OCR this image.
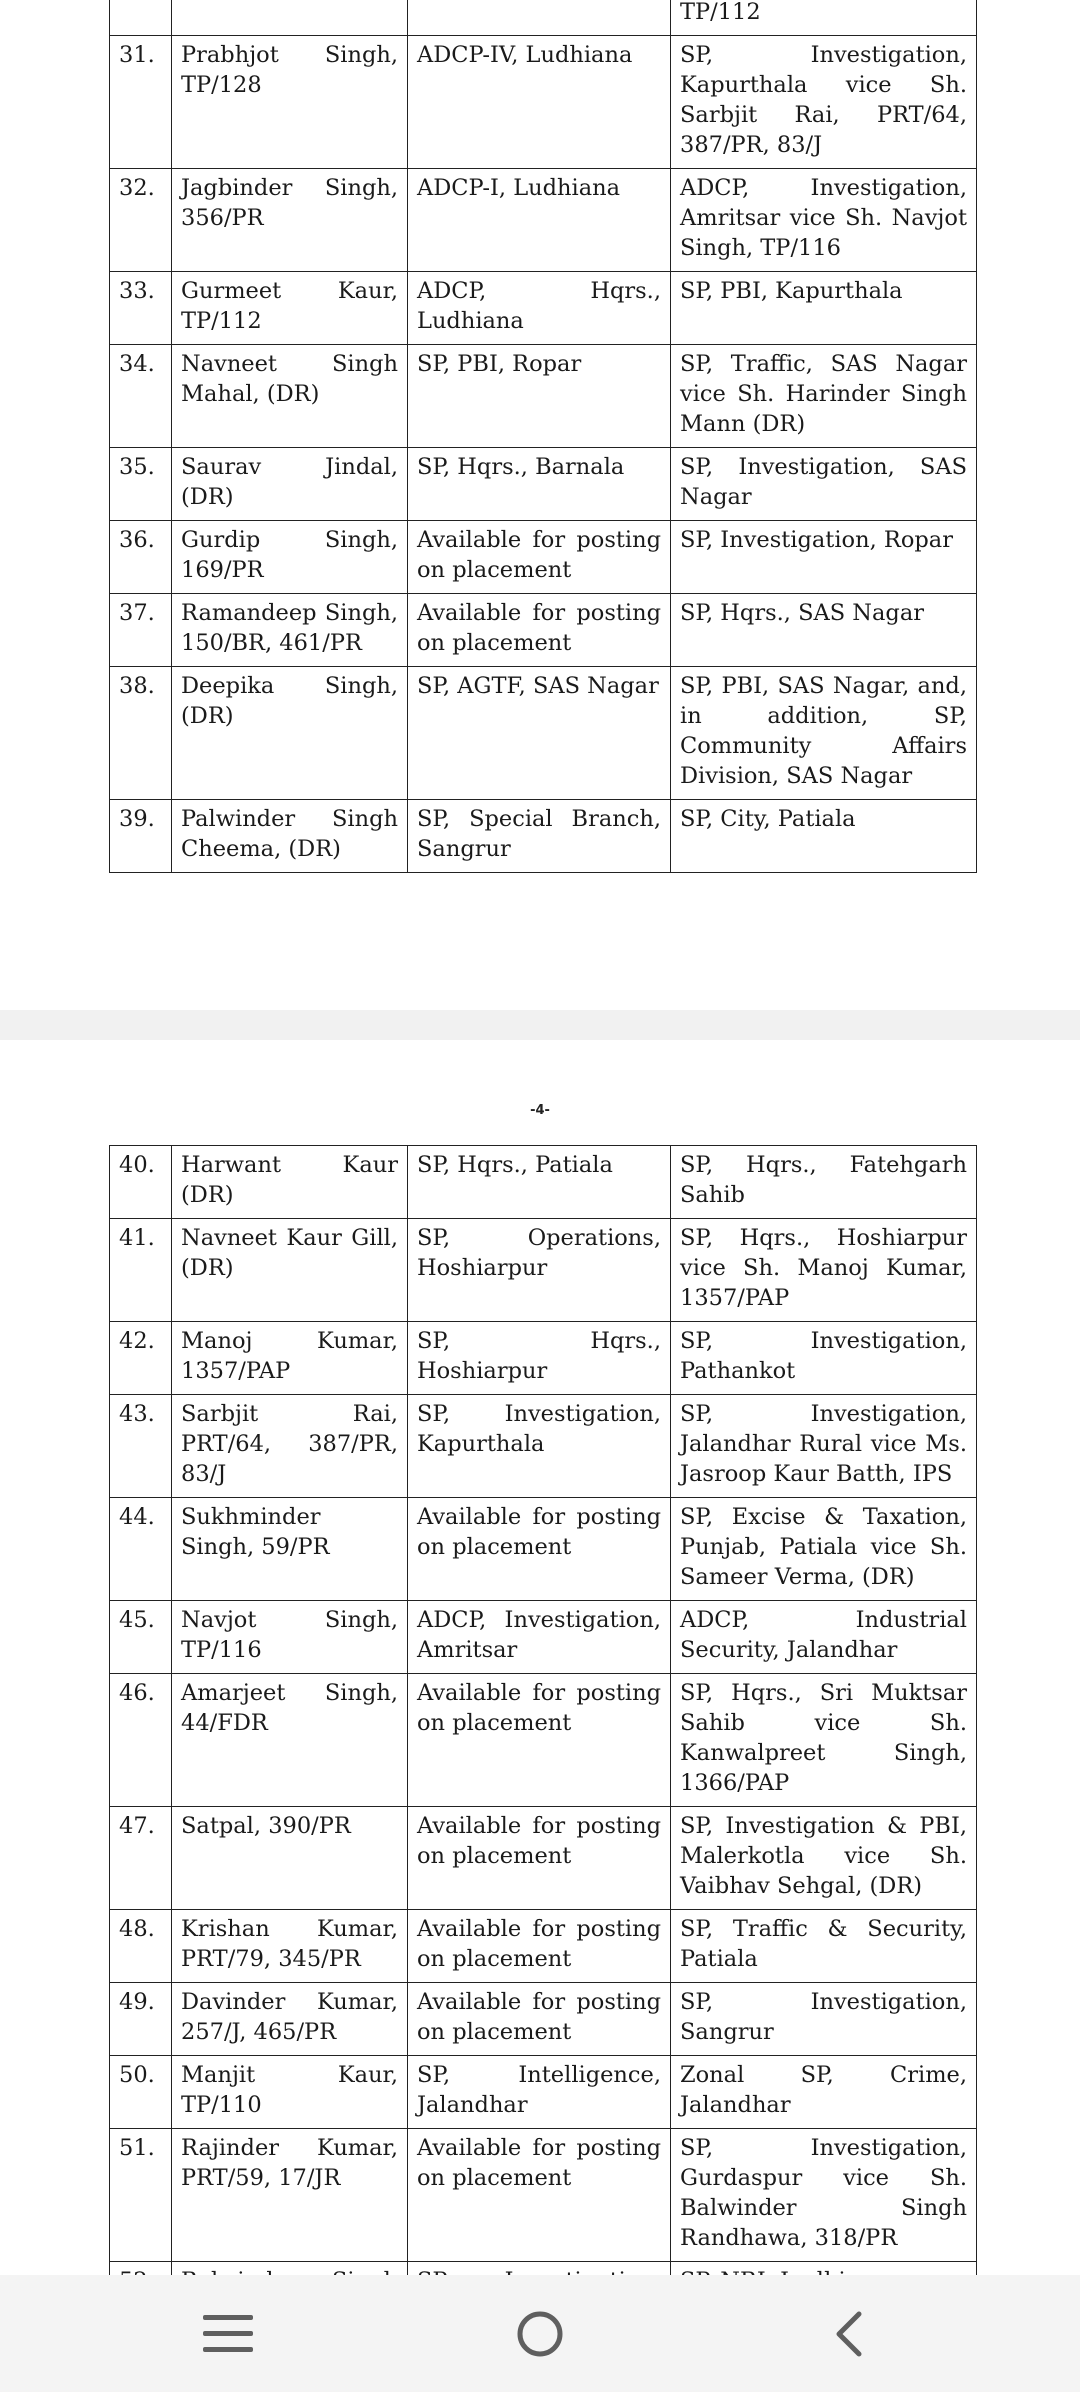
			TP/112
31.	Prabhjot Singh, TP/128	ADCP-IV, Ludhiana	SP, Investigation, Kapurthala vice Sh. Sarbjit Rai, PRT/64, 387/PR, 83/J
32.	Jagbinder Singh, 356/PR	ADCP-I, Ludhiana	ADCP, Investigation, Amritsar vice Sh. Navjot Singh, TP/116
33.	Gurmeet Kaur, TP/112	ADCP, Hqrs., Ludhiana	SP, PBI, Kapurthala
34.	Navneet Singh Mahal, (DR)	SP, PBI, Ropar	SP, Traffic, SAS Nagar vice Sh. Harinder Singh Mann (DR)
35.	Saurav Jindal, (DR)	SP, Hqrs., Barnala	SP, Investigation, SAS Nagar
36.	Gurdip Singh, 169/PR	Available for posting on placement	SP, Investigation, Ropar
37.	Ramandeep Singh, 150/BR, 461/PR	Available for posting on placement	SP, Hqrs., SAS Nagar
38.	Deepika Singh, (DR)	SP, AGTF, SAS Nagar	SP, PBI, SAS Nagar, and, in addition, SP, Community Affairs Division, SAS Nagar
39.	Palwinder Singh Cheema, (DR)	SP, Special Branch, Sangrur	SP, City, Patiala
-4-
40.	Harwant Kaur (DR)	SP, Hqrs., Patiala	SP, Hqrs., Fatehgarh Sahib
41.	Navneet Kaur Gill, (DR)	SP, Operations, Hoshiarpur	SP, Hqrs., Hoshiarpur vice Sh. Manoj Kumar, 1357/PAP
42.	Manoj Kumar, 1357/PAP	SP, Hqrs., Hoshiarpur	SP, Investigation, Pathankot
43.	Sarbjit Rai, PRT/64, 387/PR, 83/J	SP, Investigation, Kapurthala	SP, Investigation, Jalandhar Rural vice Ms. Jasroop Kaur Batth, IPS
44.	Sukhminder Singh, 59/PR	Available for posting on placement	SP, Excise & Taxation, Punjab, Patiala vice Sh. Sameer Verma, (DR)
45.	Navjot Singh, TP/116	ADCP, Investigation, Amritsar	ADCP, Industrial Security, Jalandhar
46.	Amarjeet Singh, 44/FDR	Available for posting on placement	SP, Hqrs., Sri Muktsar Sahib vice Sh. Kanwalpreet Singh, 1366/PAP
47.	Satpal, 390/PR	Available for posting on placement	SP, Investigation & PBI, Malerkotla vice Sh. Vaibhav Sehgal, (DR)
48.	Krishan Kumar, PRT/79, 345/PR	Available for posting on placement	SP, Traffic & Security, Patiala
49.	Davinder Kumar, 257/J, 465/PR	Available for posting on placement	SP, Investigation, Sangrur
50.	Manjit Kaur, TP/110	SP, Intelligence, Jalandhar	Zonal SP, Crime, Jalandhar
51.	Rajinder Kumar, PRT/59, 17/JR	Available for posting on placement	SP, Investigation, Gurdaspur vice Sh. Balwinder Singh Randhawa, 318/PR
